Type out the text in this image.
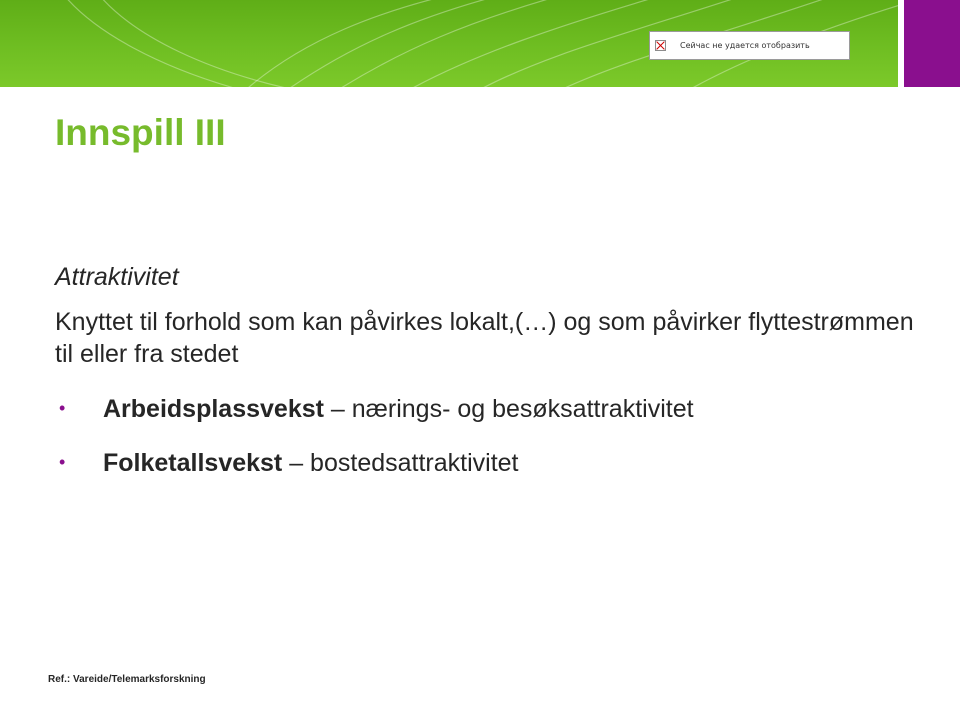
Сейчас не удается отобразить
Innspill III

Attraktivitet

Knyttet til forhold som kan påvirkes lokalt,(…) og som påvirker flyttestrømmen til eller fra stedet

• Arbeidsplassvekst – nærings- og besøksattraktivitet
• Folketallsvekst – bostedsattraktivitet
Ref.: Vareide/Telemarksforskning
